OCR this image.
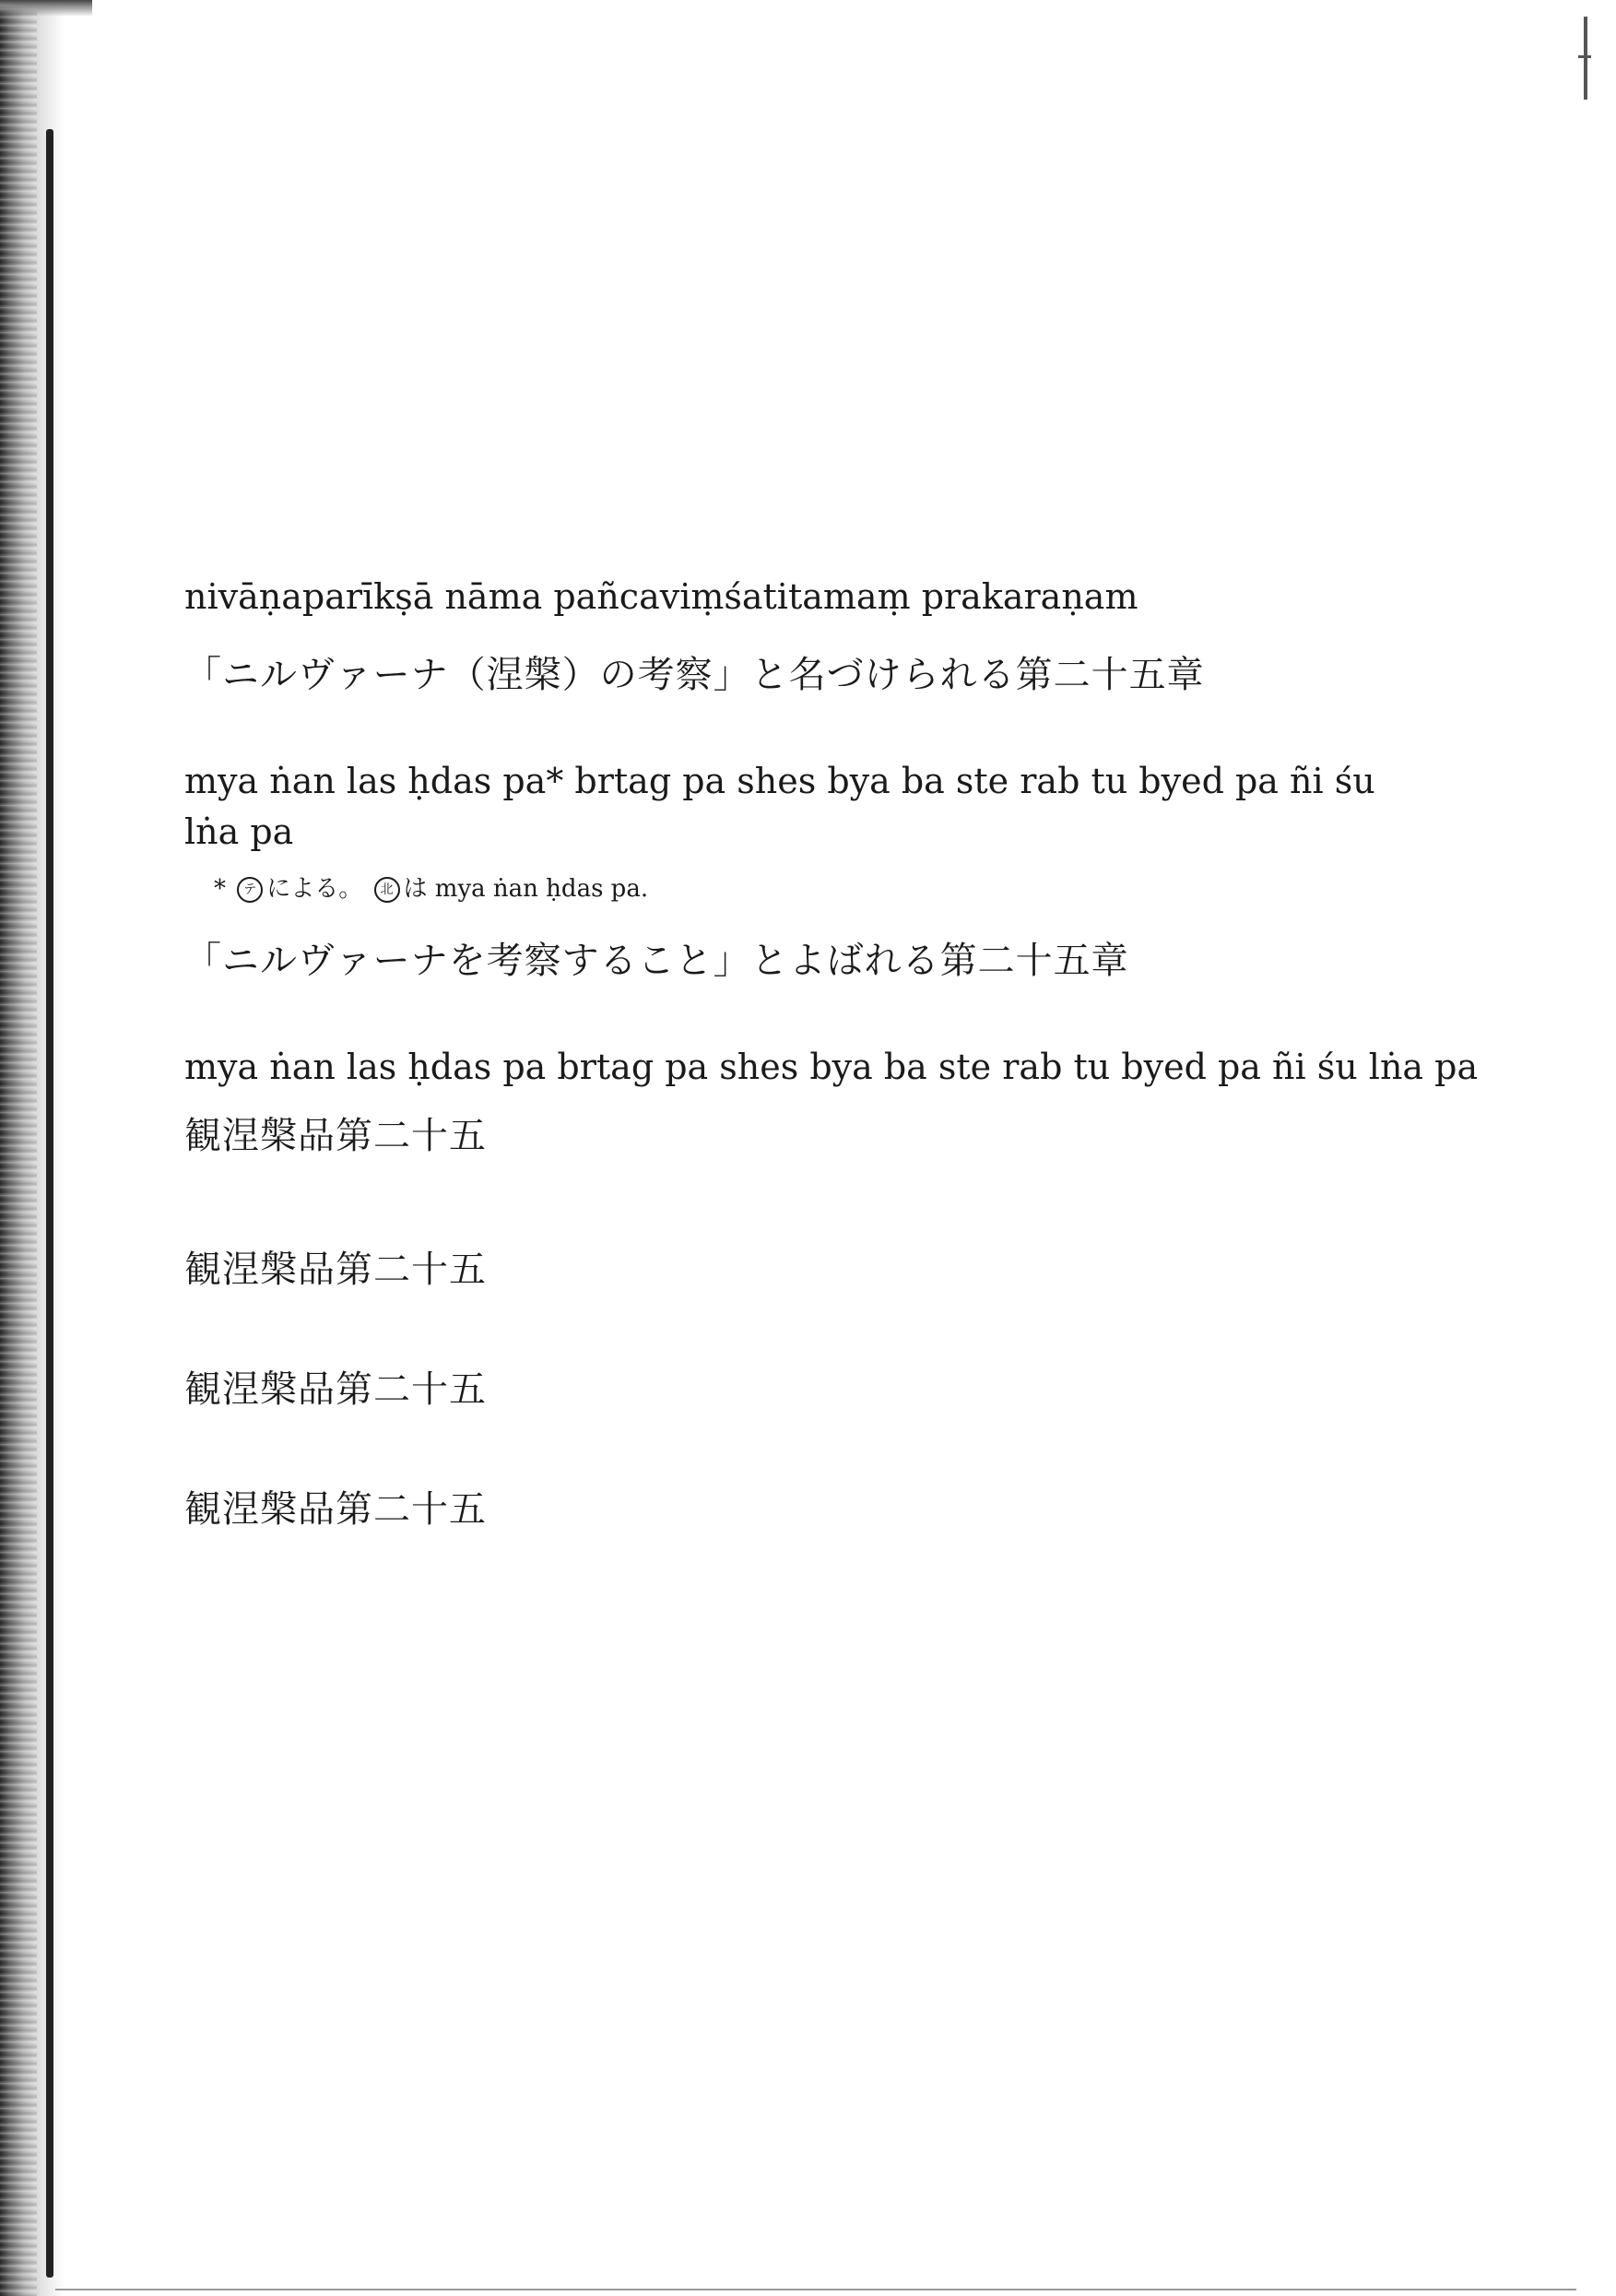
nivāṇaparīkṣā nāma pañcaviṃśatitamaṃ prakaraṇam
「ニルヴァーナ（涅槃）の考察」と名づけられる第二十五章
mya ṅan las ḥdas pa* brtag pa shes bya ba ste rab tu byed pa ñi śu
lṅa pa
* テ による。 北 は mya ṅan ḥdas pa.
「ニルヴァーナを考察すること」とよばれる第二十五章
mya ṅan las ḥdas pa brtag pa shes bya ba ste rab tu byed pa ñi śu lṅa pa
観涅槃品第二十五
観涅槃品第二十五
観涅槃品第二十五
観涅槃品第二十五
